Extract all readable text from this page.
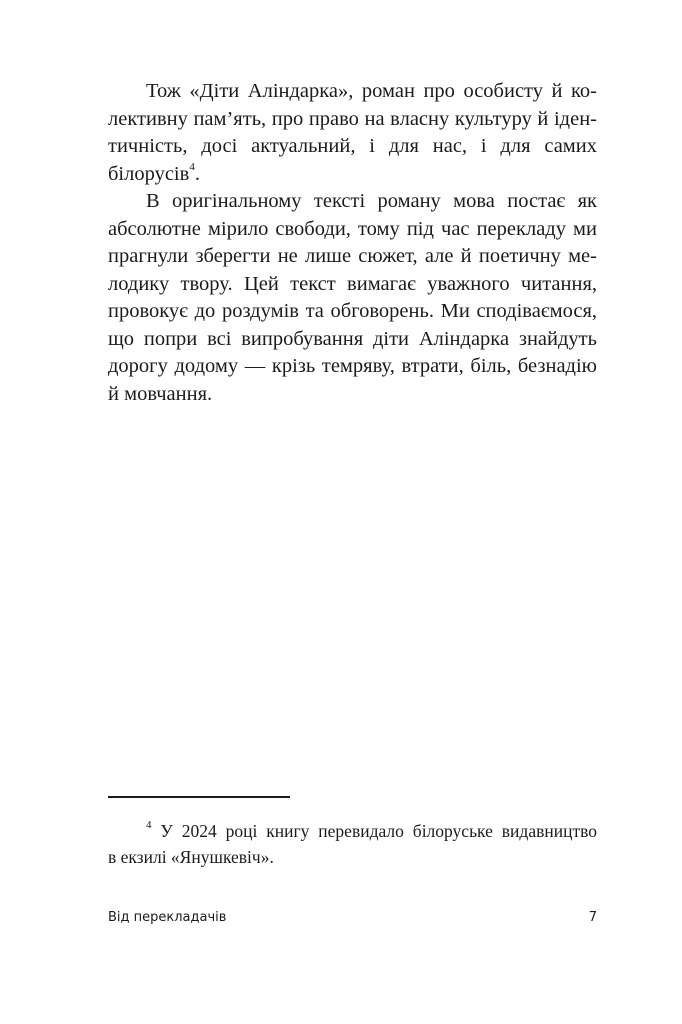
Тож «Діти Аліндарка», роман про особисту й ко-
лективну пам’ять, про право на власну культуру й іден-
тичність, досі актуальний, і для нас, і для самих
білорусів$^4$.
В оригінальному тексті роману мова постає як
абсолютне мірило свободи, тому під час перекладу ми
прагнули зберегти не лише сюжет, але й поетичну ме-
лодику твору. Цей текст вимагає уважного читання,
провокує до роздумів та обговорень. Ми сподіваємося,
що попри всі випробування діти Аліндарка знайдуть
дорогу додому — крізь темряву, втрати, біль, безнадію
й мовчання.
$^4$ У 2024 році книгу перевидало білоруське видавництво
в екзилі «Янушкевіч».
Від перекладачів	7
